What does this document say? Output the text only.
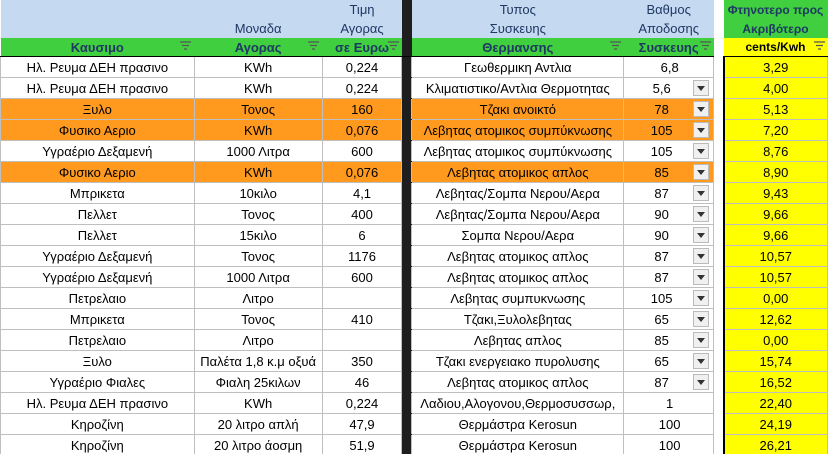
		Τιμη		Τυπος	Βαθμος		Φτηνοτερο προς
	Μοναδα	Αγορας		Συσκευης	Αποδοσης		Ακριβότερο
Καυσιμο	Αγορας	σε Ευρω		Θερμανσης	Συσκευης		cents/Kwh

Ηλ. Ρευμα ΔΕΗ πρασινο	KWh	0,224		Γεωθερμικη Αντλια	6,8		3,29
Ηλ. Ρευμα ΔΕΗ πρασινο	KWh	0,224		Κλιματιστικο/Αντλια Θερμοτητας	5,6		4,00
Ξυλο	Τονος	160		Τζακι ανοικτό	78		5,13
Φυσικο Αεριο	KWh	0,076		Λεβητας ατομικος συμπύκνωσης	105		7,20
Υγραέριο Δεξαμενή	1000 Λιτρα	600		Λεβητας ατομικος συμπύκνωσης	105		8,76
Φυσικο Αεριο	KWh	0,076		Λεβητας ατομικος απλος	85		8,90
Μπρικετα	10κιλο	4,1		Λεβητας/Σομπα Νερου/Αερα	87		9,43
Πελλετ	Τονος	400		Λεβητας/Σομπα Νερου/Αερα	90		9,66
Πελλετ	15κιλο	6		Σομπα Νερου/Αερα	90		9,66
Υγραέριο Δεξαμενή	Τονος	1176		Λεβητας ατομικος απλος	87		10,57
Υγραέριο Δεξαμενή	1000 Λιτρα	600		Λεβητας ατομικος απλος	87		10,57
Πετρελαιο	Λιτρο			Λεβητας συμπυκνωσης	105		0,00
Μπρικετα	Τονος	410		Τζακι,Ξυλολεβητας	65		12,62
Πετρελαιο	Λιτρο			Λεβητας απλος	85		0,00
Ξυλο	Παλέτα 1,8 κ.μ οξυά	350		Τζακι ενεργειακο πυρολυσης	65		15,74
Υγραέριο Φιαλες	Φιαλη 25κιλων	46		Λεβητας ατομικος απλος	87		16,52
Ηλ. Ρευμα ΔΕΗ πρασινο	KWh	0,224		Λαδιου,Αλογονου,Θερμοσυσσωρ,	1		22,40
Κηροζίνη	20 λιτρο απλή	47,9		Θερμάστρα Kerosun	100		24,19
Κηροζίνη	20 λιτρο άοσμη	51,9		Θερμάστρα Kerosun	100		26,21
